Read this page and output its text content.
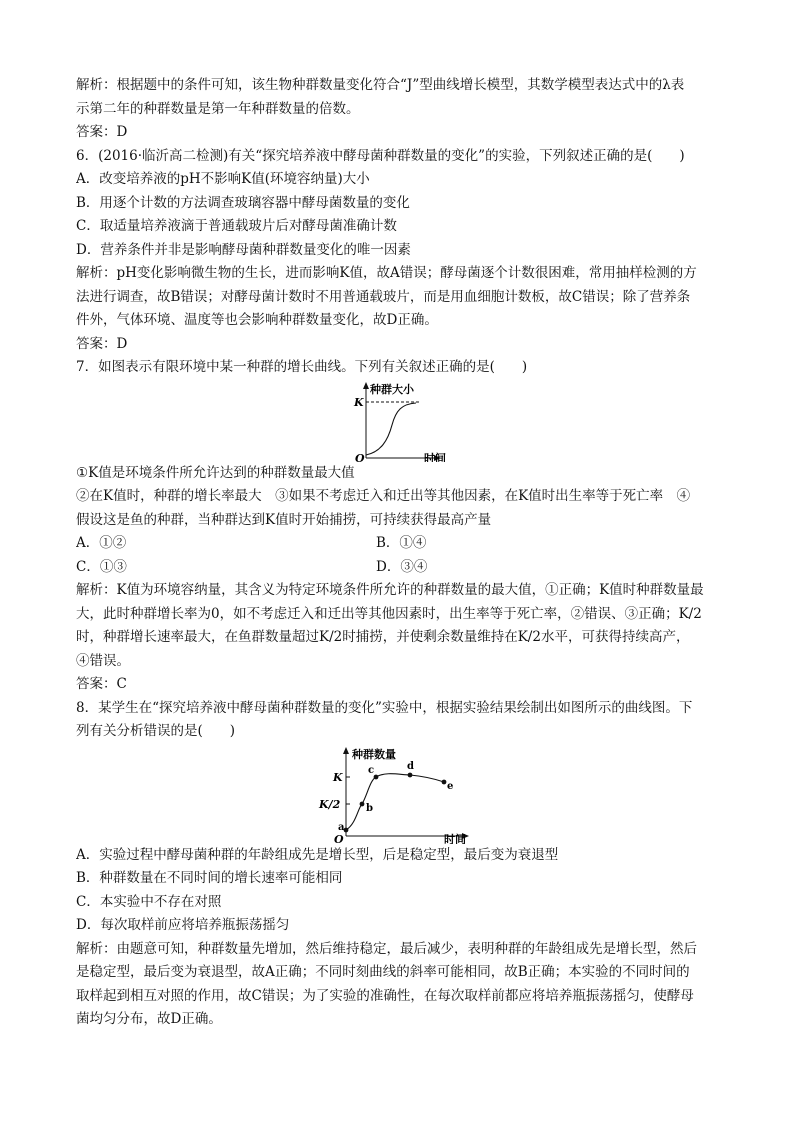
解析：根据题中的条件可知，该生物种群数量变化符合“J”型曲线增长模型，其数学模型表达式中的λ表
示第二年的种群数量是第一年种群数量的倍数。
答案：D
6．(2016·临沂高二检测)有关“探究培养液中酵母菌种群数量的变化”的实验，下列叙述正确的是(　　)
A．改变培养液的pH不影响K值(环境容纳量)大小
B．用逐个计数的方法调查玻璃容器中酵母菌数量的变化
C．取适量培养液滴于普通载玻片后对酵母菌准确计数
D．营养条件并非是影响酵母菌种群数量变化的唯一因素
解析：pH变化影响微生物的生长，进而影响K值，故A错误；酵母菌逐个计数很困难，常用抽样检测的方
法进行调查，故B错误；对酵母菌计数时不用普通载玻片，而是用血细胞计数板，故C错误；除了营养条
件外，气体环境、温度等也会影响种群数量变化，故D正确。
答案：D
7．如图表示有限环境中某一种群的增长曲线。下列有关叙述正确的是(　　)
种群大小
K
O	时间
①K值是环境条件所允许达到的种群数量最大值
②在K值时，种群的增长率最大　③如果不考虑迁入和迁出等其他因素，在K值时出生率等于死亡率　④
假设这是鱼的种群，当种群达到K值时开始捕捞，可持续获得最高产量
A．①②	B．①④
C．①③	D．③④
解析：K值为环境容纳量，其含义为特定环境条件所允许的种群数量的最大值，①正确；K值时种群数量最
大，此时种群增长率为0，如不考虑迁入和迁出等其他因素时，出生率等于死亡率，②错误、③正确；K/2
时，种群增长速率最大，在鱼群数量超过K/2时捕捞，并使剩余数量维持在K/2水平，可获得持续高产，
④错误。
答案：C
8．某学生在“探究培养液中酵母菌种群数量的变化”实验中，根据实验结果绘制出如图所示的曲线图。下
列有关分析错误的是(　　)
a
b
c	d
e
种群数量
K
K/2
O	时间
A．实验过程中酵母菌种群的年龄组成先是增长型，后是稳定型，最后变为衰退型
B．种群数量在不同时间的增长速率可能相同
C．本实验中不存在对照
D．每次取样前应将培养瓶振荡摇匀
解析：由题意可知，种群数量先增加，然后维持稳定，最后减少，表明种群的年龄组成先是增长型，然后
是稳定型，最后变为衰退型，故A正确；不同时刻曲线的斜率可能相同，故B正确；本实验的不同时间的
取样起到相互对照的作用，故C错误；为了实验的准确性，在每次取样前都应将培养瓶振荡摇匀，使酵母
菌均匀分布，故D正确。
